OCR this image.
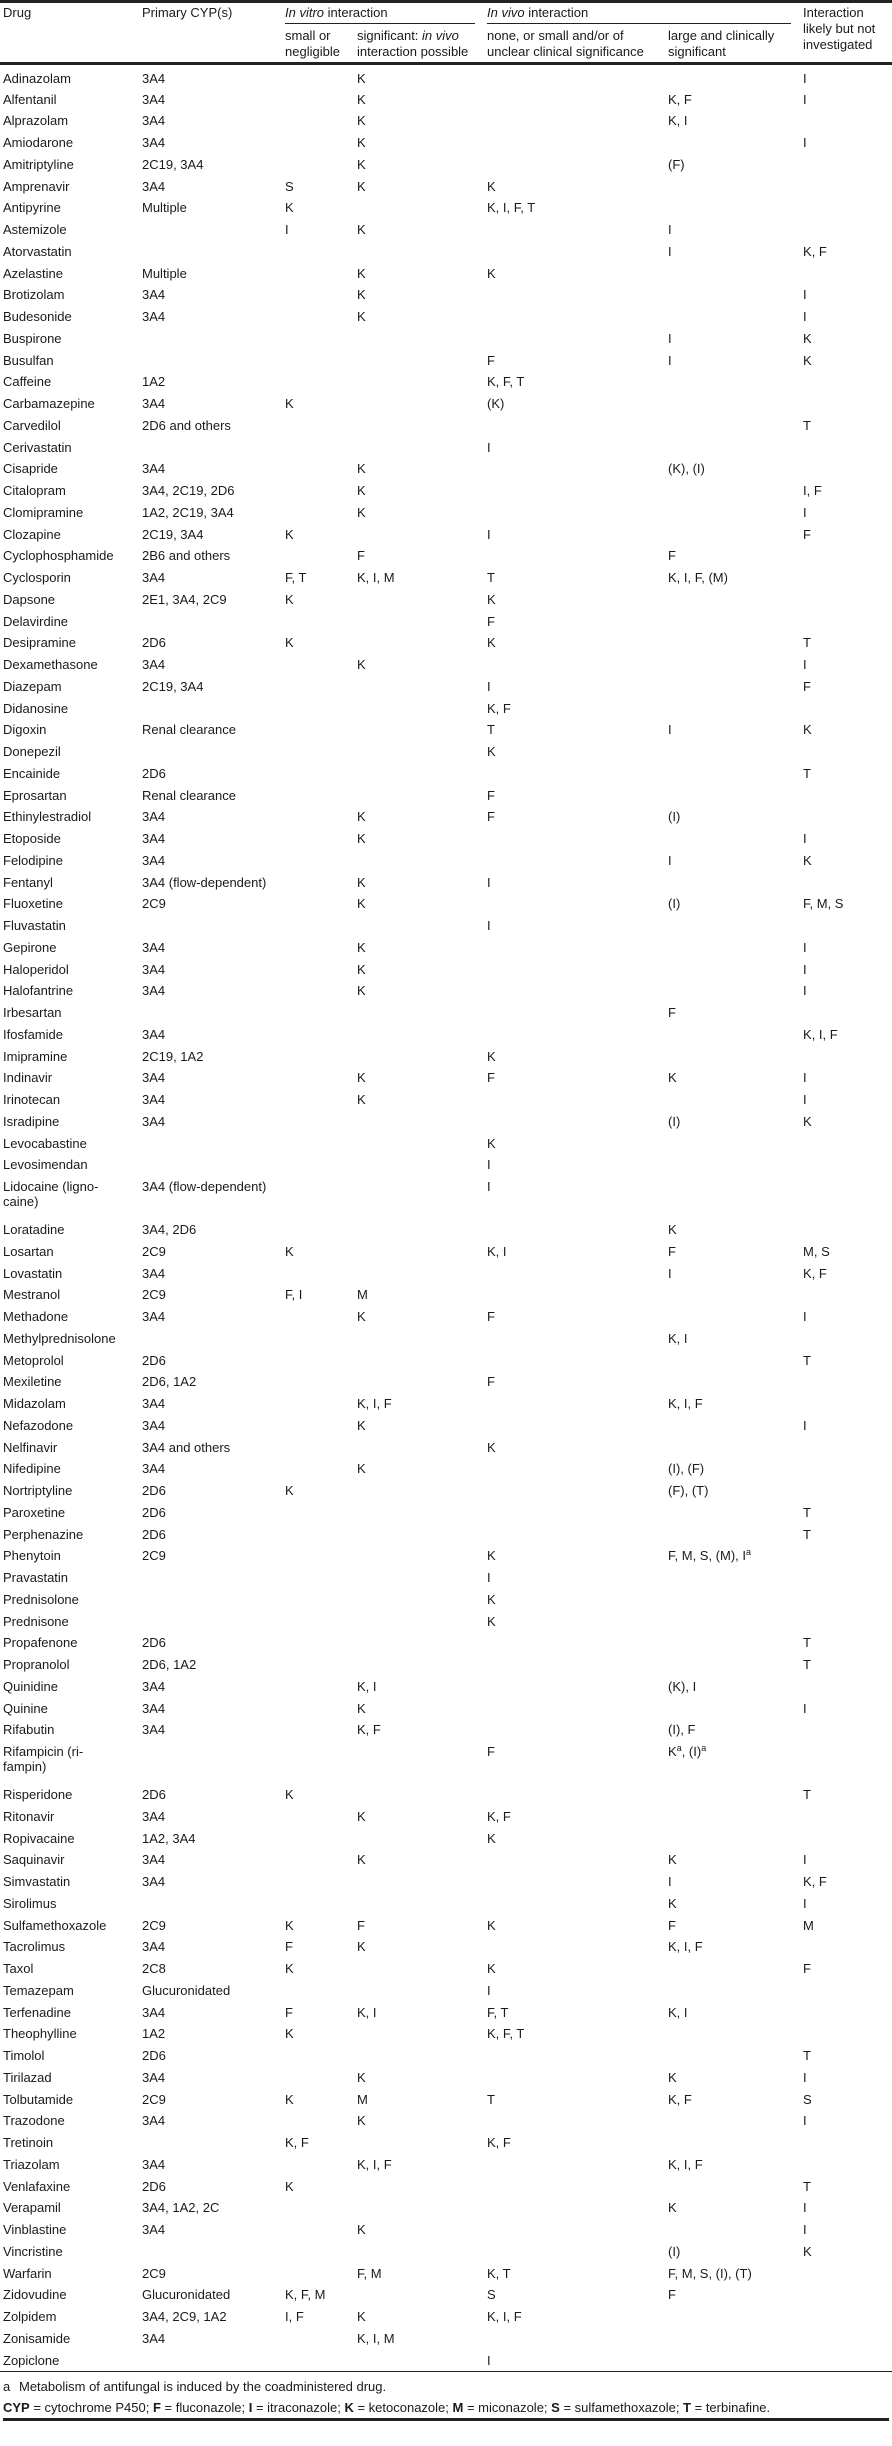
Drug	Primary CYP(s)	In vitro interaction		In vivo interaction		Interaction likely but not investigated
		small or negligible	significant: in vivo interaction possible	none, or small and/or of unclear clinical significance	large and clinically significant	
Adinazolam	3A4		K			I
Alfentanil	3A4		K		K, F	I
Alprazolam	3A4		K		K, I	
Amiodarone	3A4		K			I
Amitriptyline	2C19, 3A4		K		(F)	
Amprenavir	3A4	S	K	K		
Antipyrine	Multiple	K		K, I, F, T		
Astemizole		I	K		I	
Atorvastatin					I	K, F
Azelastine	Multiple		K	K		
Brotizolam	3A4		K			I
Budesonide	3A4		K			I
Buspirone					I	K
Busulfan				F	I	K
Caffeine	1A2			K, F, T		
Carbamazepine	3A4	K		(K)		
Carvedilol	2D6 and others					T
Cerivastatin				I		
Cisapride	3A4		K		(K), (I)	
Citalopram	3A4, 2C19, 2D6		K			I, F
Clomipramine	1A2, 2C19, 3A4		K			I
Clozapine	2C19, 3A4	K		I		F
Cyclophosphamide	2B6 and others		F		F	
Cyclosporin	3A4	F, T	K, I, M	T	K, I, F, (M)	
Dapsone	2E1, 3A4, 2C9	K		K		
Delavirdine				F		
Desipramine	2D6	K		K		T
Dexamethasone	3A4		K			I
Diazepam	2C19, 3A4			I		F
Didanosine				K, F		
Digoxin	Renal clearance			T	I	K
Donepezil				K		
Encainide	2D6					T
Eprosartan	Renal clearance			F		
Ethinylestradiol	3A4		K	F	(I)	
Etoposide	3A4		K			I
Felodipine	3A4				I	K
Fentanyl	3A4 (flow-dependent)		K	I		
Fluoxetine	2C9		K		(I)	F, M, S
Fluvastatin				I		
Gepirone	3A4		K			I
Haloperidol	3A4		K			I
Halofantrine	3A4		K			I
Irbesartan					F	
Ifosfamide	3A4					K, I, F
Imipramine	2C19, 1A2			K		
Indinavir	3A4		K	F	K	I
Irinotecan	3A4		K			I
Isradipine	3A4				(I)	K
Levocabastine				K		
Levosimendan				I		

Lidocaine (ligno-
caine)	3A4 (flow-dependent)			I		
Loratadine	3A4, 2D6				K	
Losartan	2C9	K		K, I	F	M, S
Lovastatin	3A4				I	K, F
Mestranol	2C9	F, I	M			
Methadone	3A4		K	F		I
Methylprednisolone					K, I	
Metoprolol	2D6					T
Mexiletine	2D6, 1A2			F		
Midazolam	3A4		K, I, F		K, I, F	
Nefazodone	3A4		K			I
Nelfinavir	3A4 and others			K		
Nifedipine	3A4		K		(I), (F)	
Nortriptyline	2D6	K			(F), (T)	
Paroxetine	2D6					T
Perphenazine	2D6					T
Phenytoin	2C9			K	F, M, S, (M), $I^a$	
Pravastatin				I		
Prednisolone				K		
Prednisone				K		
Propafenone	2D6					T
Propranolol	2D6, 1A2					T
Quinidine	3A4		K, I		(K), I	
Quinine	3A4		K			I
Rifabutin	3A4		K, F		(I), F	

Rifampicin (ri-
fampin)				F	$K^a$, $(I)^a$	
Risperidone	2D6	K				T
Ritonavir	3A4		K	K, F		
Ropivacaine	1A2, 3A4			K		
Saquinavir	3A4		K		K	I
Simvastatin	3A4				I	K, F
Sirolimus					K	I
Sulfamethoxazole	2C9	K	F	K	F	M
Tacrolimus	3A4	F	K		K, I, F	
Taxol	2C8	K		K		F
Temazepam	Glucuronidated			I		
Terfenadine	3A4	F	K, I	F, T	K, I	
Theophylline	1A2	K		K, F, T		
Timolol	2D6					T
Tirilazad	3A4		K		K	I
Tolbutamide	2C9	K	M	T	K, F	S
Trazodone	3A4		K			I
Tretinoin		K, F		K, F		
Triazolam	3A4		K, I, F		K, I, F	
Venlafaxine	2D6	K				T
Verapamil	3A4, 1A2, 2C				K	I
Vinblastine	3A4		K			I
Vincristine					(I)	K
Warfarin	2C9		F, M	K, T	F, M, S, (I), (T)	
Zidovudine	Glucuronidated	K, F, M		S	F	
Zolpidem	3A4, 2C9, 1A2	I, F	K	K, I, F		
Zonisamide	3A4		K, I, M			
Zopiclone				I		
a Metabolism of antifungal is induced by the coadministered drug.
CYP = cytochrome P450; F = fluconazole; I = itraconazole; K = ketoconazole; M = miconazole; S = sulfamethoxazole; T = terbinafine.
